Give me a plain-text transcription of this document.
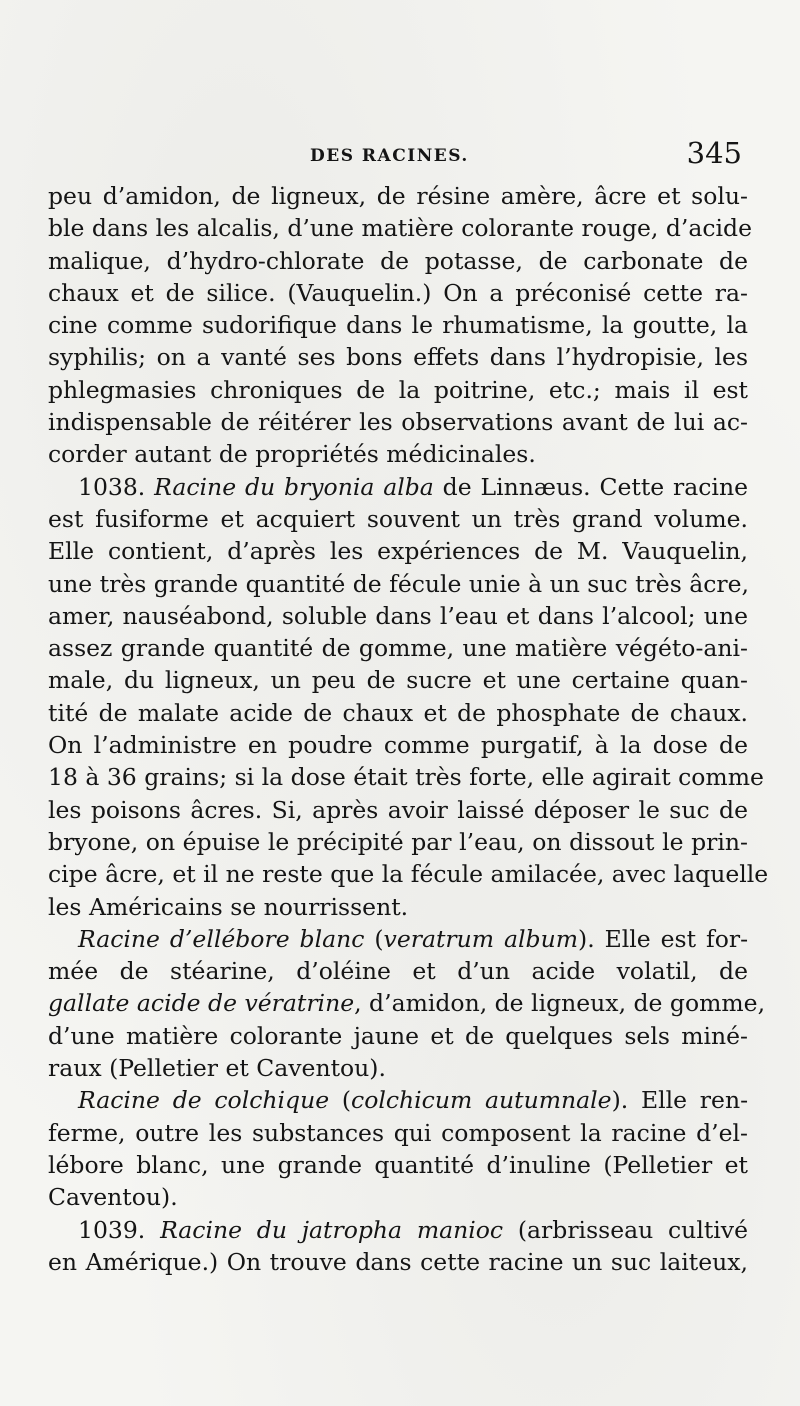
DES RACINES.	345

peu d’amidon, de ligneux, de résine amère, âcre et solu-
ble dans les alcalis, d’une matière colorante rouge, d’acide
malique, d’hydro-chlorate de potasse, de carbonate de
chaux et de silice. (Vauquelin.) On a préconisé cette ra-
cine comme sudorifique dans le rhumatisme, la goutte, la
syphilis; on a vanté ses bons effets dans l’hydropisie, les
phlegmasies chroniques de la poitrine, etc.; mais il est
indispensable de réitérer les observations avant de lui ac-
corder autant de propriétés médicinales.

1038. Racine du bryonia alba de Linnæus. Cette racine
est fusiforme et acquiert souvent un très grand volume.
Elle contient, d’après les expériences de M. Vauquelin,
une très grande quantité de fécule unie à un suc très âcre,
amer, nauséabond, soluble dans l’eau et dans l’alcool; une
assez grande quantité de gomme, une matière végéto-ani-
male, du ligneux, un peu de sucre et une certaine quan-
tité de malate acide de chaux et de phosphate de chaux.
On l’administre en poudre comme purgatif, à la dose de
18 à 36 grains; si la dose était très forte, elle agirait comme
les poisons âcres. Si, après avoir laissé déposer le suc de
bryone, on épuise le précipité par l’eau, on dissout le prin-
cipe âcre, et il ne reste que la fécule amilacée, avec laquelle
les Américains se nourrissent.

Racine d’ellébore blanc (veratrum album). Elle est for-
mée de stéarine, d’oléine et d’un acide volatil, de
gallate acide de vératrine, d’amidon, de ligneux, de gomme,
d’une matière colorante jaune et de quelques sels miné-
raux (Pelletier et Caventou).

Racine de colchique (colchicum autumnale). Elle ren-
ferme, outre les substances qui composent la racine d’el-
lébore blanc, une grande quantité d’inuline (Pelletier et
Caventou).

1039. Racine du jatropha manioc (arbrisseau cultivé
en Amérique.) On trouve dans cette racine un suc laiteux,
